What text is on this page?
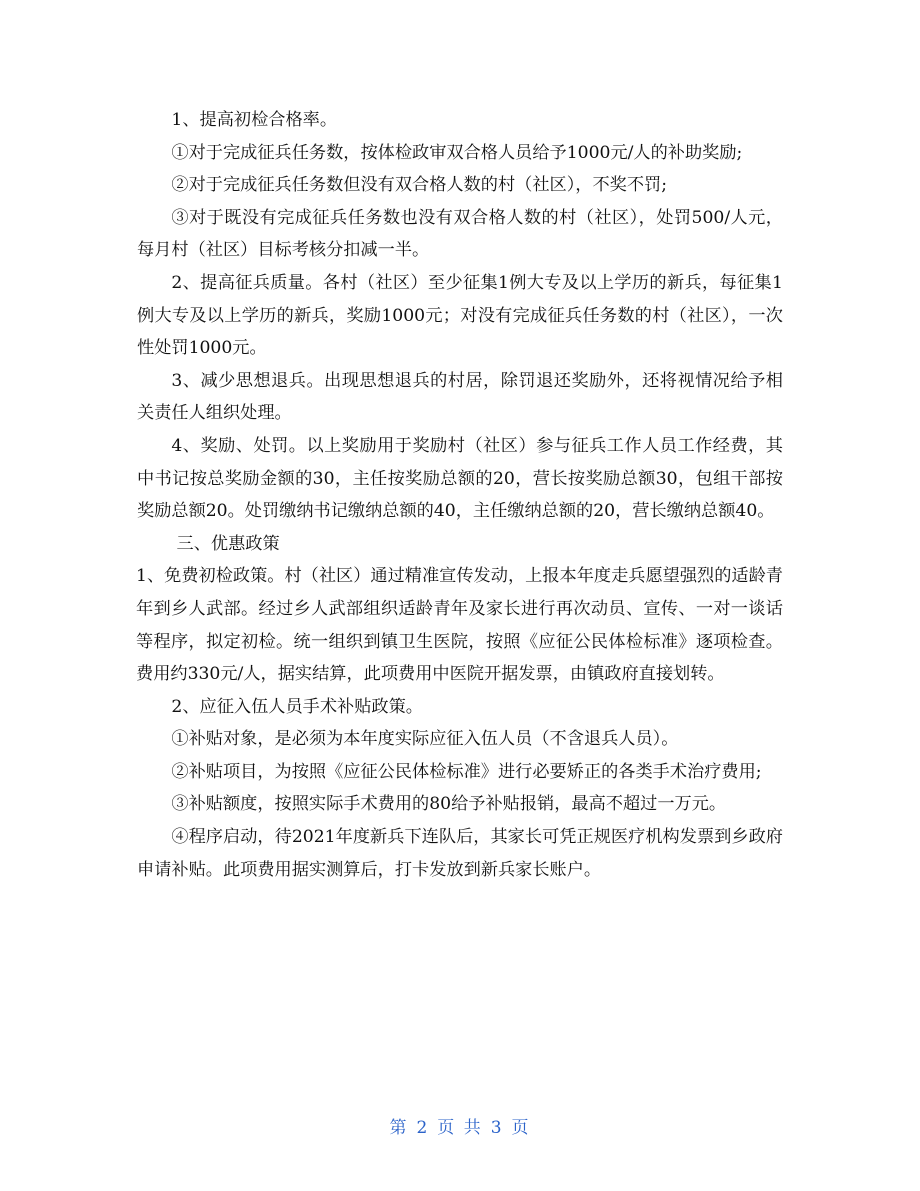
1、提高初检合格率。

①对于完成征兵任务数，按体检政审双合格人员给予1000元/人的补助奖励;

②对于完成征兵任务数但没有双合格人数的村（社区），不奖不罚;

③对于既没有完成征兵任务数也没有双合格人数的村（社区），处罚500/人元，每月村（社区）目标考核分扣减一半。

2、提高征兵质量。各村（社区）至少征集1例大专及以上学历的新兵，每征集1例大专及以上学历的新兵，奖励1000元；对没有完成征兵任务数的村（社区），一次性处罚1000元。

3、减少思想退兵。出现思想退兵的村居，除罚退还奖励外，还将视情况给予相关责任人组织处理。

4、奖励、处罚。以上奖励用于奖励村（社区）参与征兵工作人员工作经费，其中书记按总奖励金额的30，主任按奖励总额的20，营长按奖励总额30，包组干部按奖励总额20。处罚缴纳书记缴纳总额的40，主任缴纳总额的20，营长缴纳总额40。

三、优惠政策

1、免费初检政策。村（社区）通过精准宣传发动，上报本年度走兵愿望强烈的适龄青年到乡人武部。经过乡人武部组织适龄青年及家长进行再次动员、宣传、一对一谈话等程序，拟定初检。统一组织到镇卫生医院，按照《应征公民体检标准》逐项检查。费用约330元/人，据实结算，此项费用中医院开据发票，由镇政府直接划转。

2、应征入伍人员手术补贴政策。

①补贴对象，是必须为本年度实际应征入伍人员（不含退兵人员）。

②补贴项目，为按照《应征公民体检标准》进行必要矫正的各类手术治疗费用;

③补贴额度，按照实际手术费用的80给予补贴报销，最高不超过一万元。

④程序启动，待2021年度新兵下连队后，其家长可凭正规医疗机构发票到乡政府申请补贴。此项费用据实测算后，打卡发放到新兵家长账户。

第 2 页 共 3 页
